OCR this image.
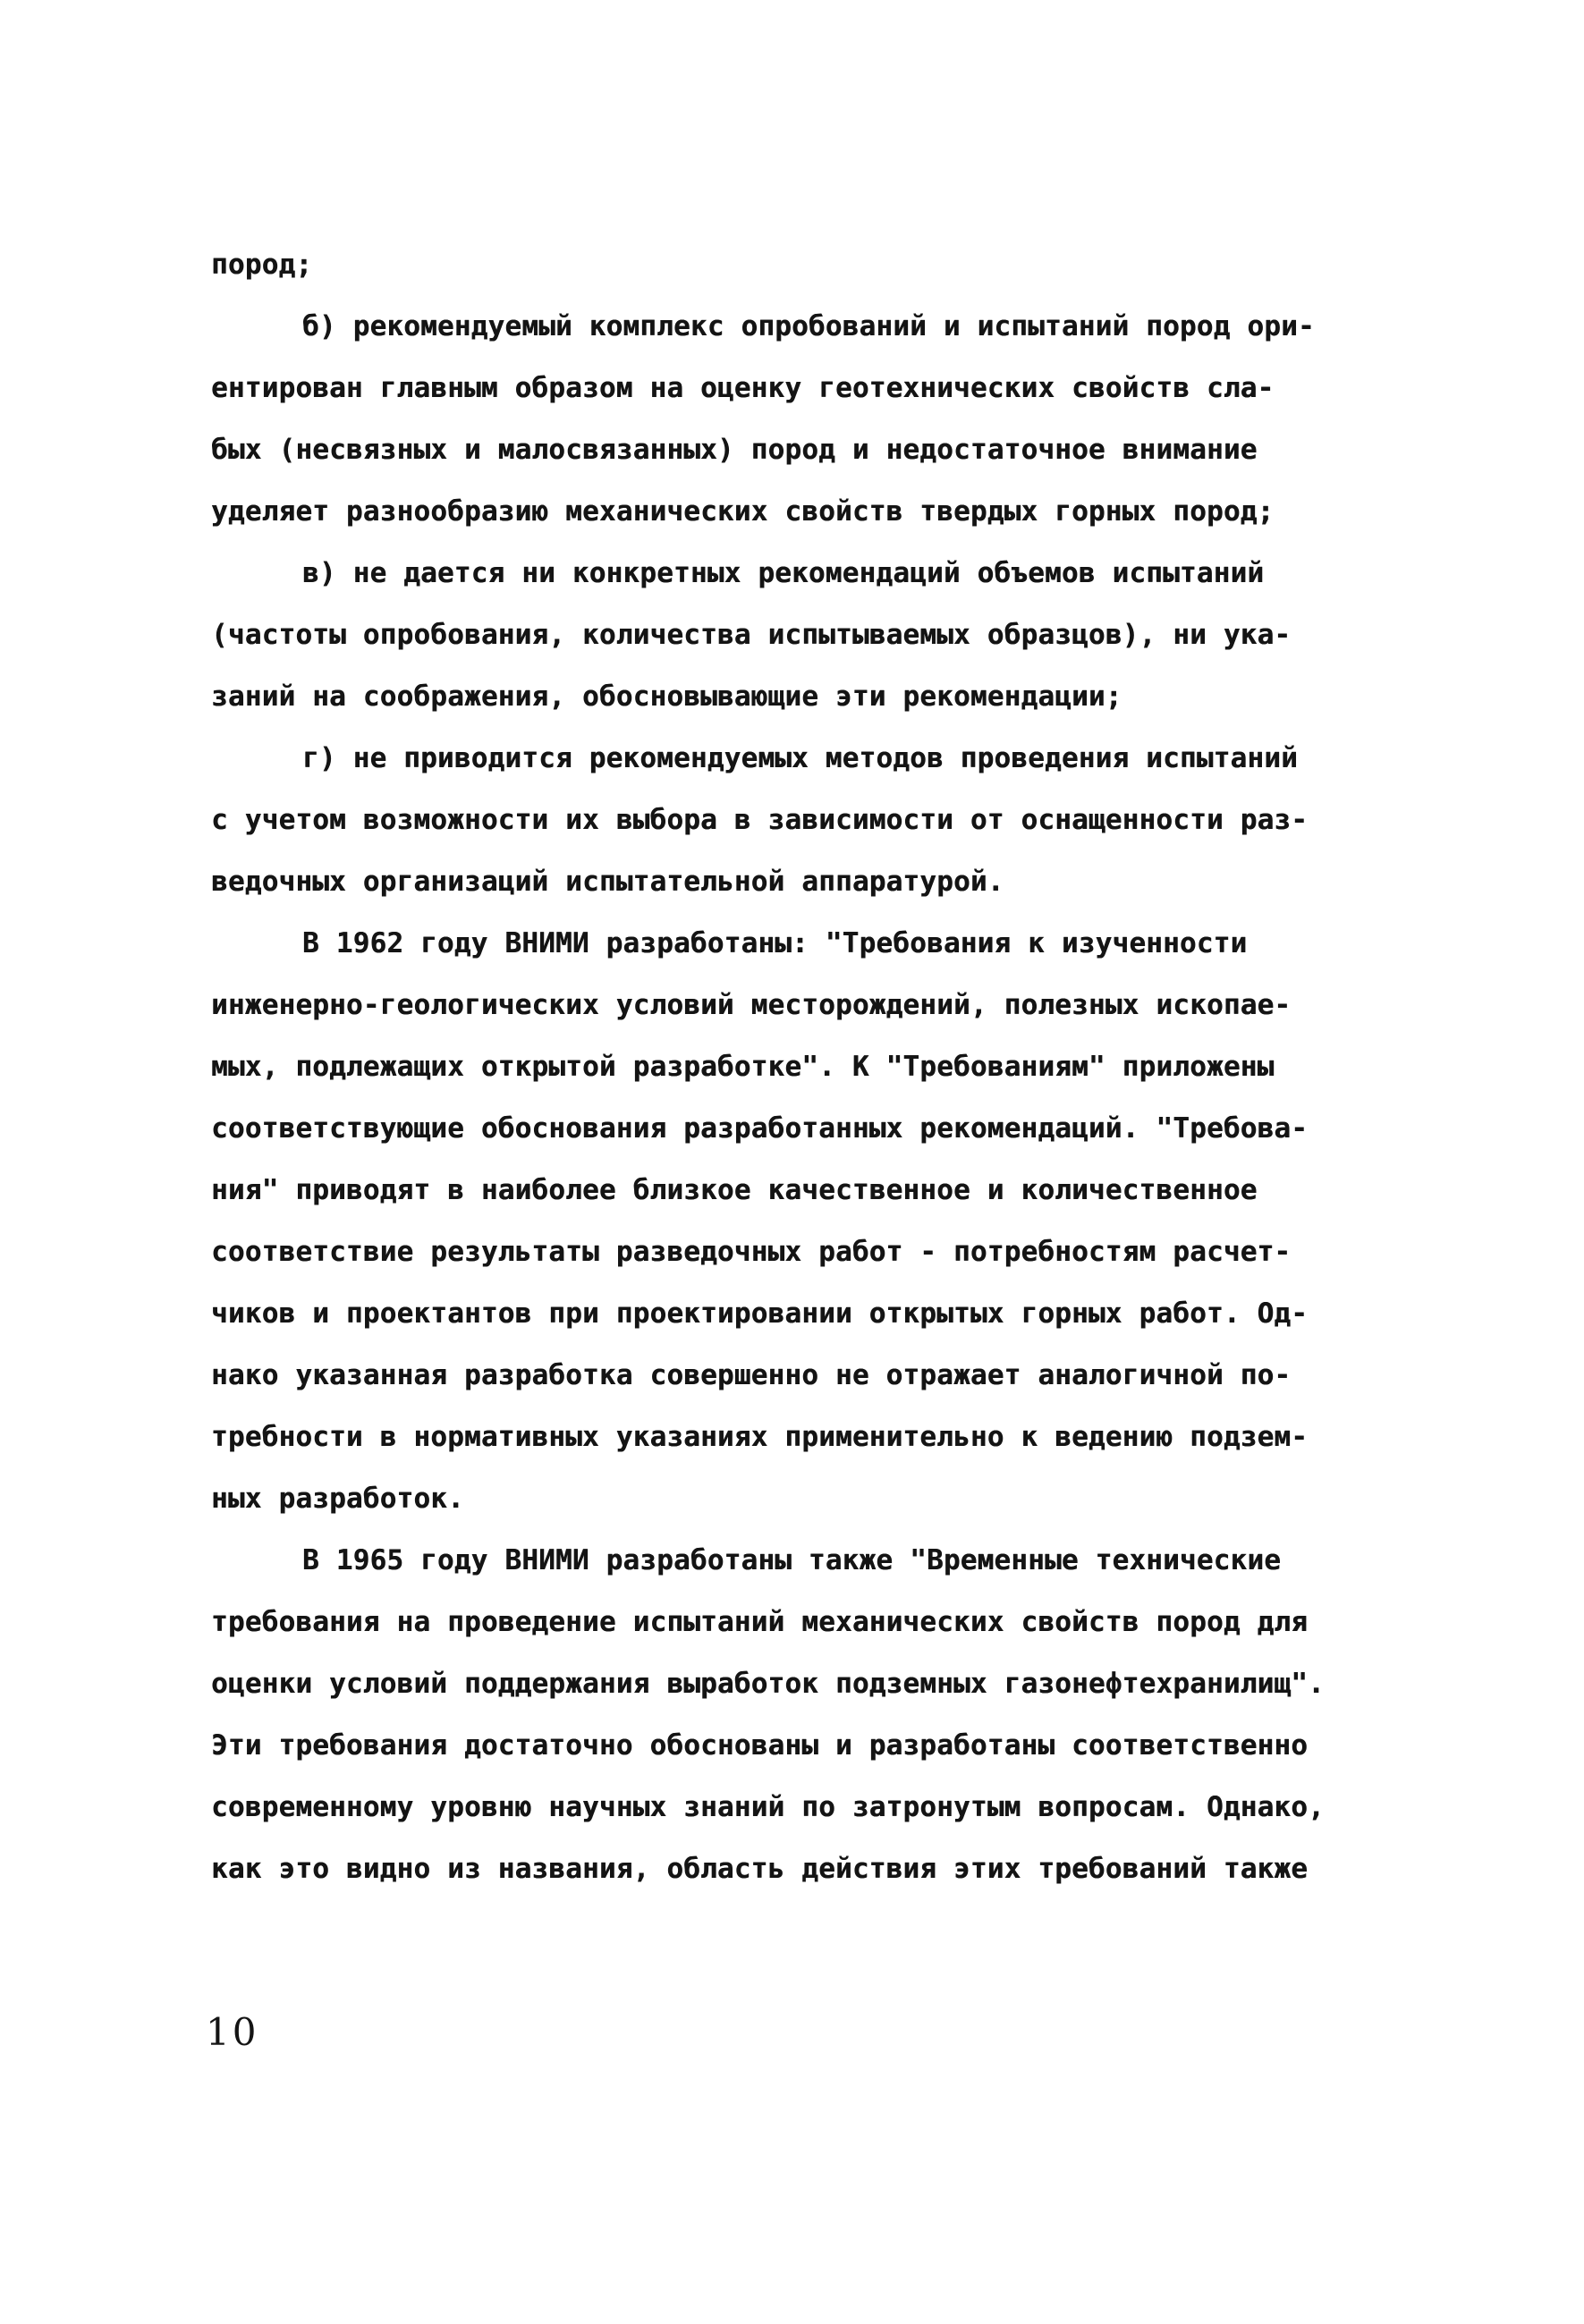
пород;
б) рекомендуемый комплекс опробований и испытаний пород ори-
ентирован главным образом на оценку геотехнических свойств сла-
бых (несвязных и малосвязанных) пород и недостаточное внимание
уделяет разнообразию механических свойств твердых горных пород;
в) не дается ни конкретных рекомендаций объемов испытаний
(частоты опробования, количества испытываемых образцов), ни ука-
заний на соображения, обосновывающие эти рекомендации;
г) не приводится рекомендуемых методов проведения испытаний
с учетом возможности их выбора в зависимости от оснащенности раз-
ведочных организаций испытательной аппаратурой.
В 1962 году ВНИМИ разработаны: "Требования к изученности
инженерно-геологических условий месторождений, полезных ископае-
мых, подлежащих открытой разработке". К "Требованиям" приложены
соответствующие обоснования разработанных рекомендаций. "Требова-
ния" приводят в наиболее близкое качественное и количественное
соответствие результаты разведочных работ - потребностям расчет-
чиков и проектантов при проектировании открытых горных работ. Од-
нако указанная разработка совершенно не отражает аналогичной по-
требности в нормативных указаниях применительно к ведению подзем-
ных разработок.
В 1965 году ВНИМИ разработаны также "Временные технические
требования на проведение испытаний механических свойств пород для
оценки условий поддержания выработок подземных газонефтехранилищ".
Эти требования достаточно обоснованы и разработаны соответственно
современному уровню научных знаний по затронутым вопросам. Однако,
как это видно из названия, область действия этих требований также
10
